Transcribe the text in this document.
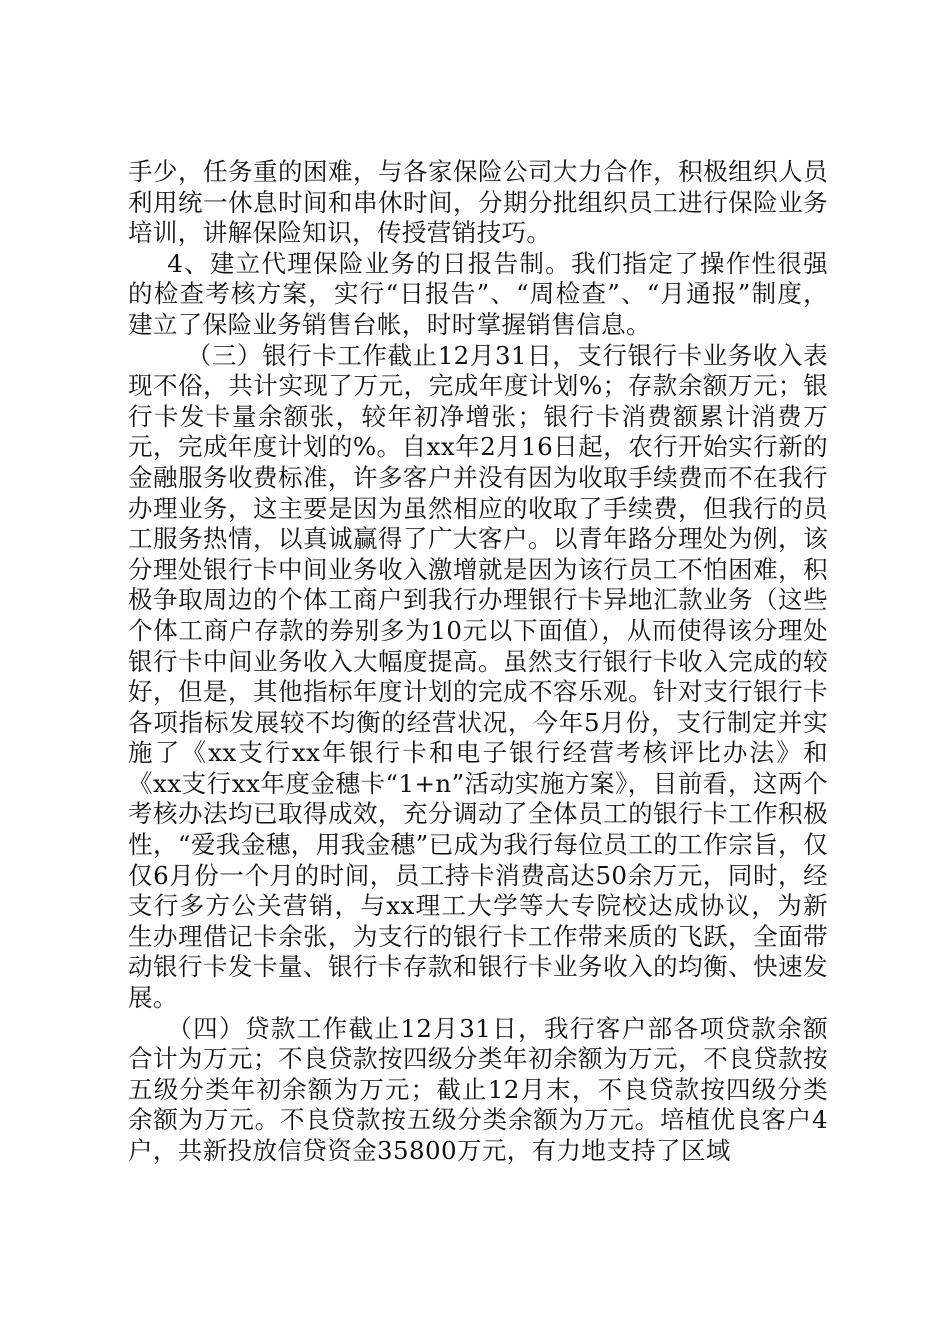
手少，任务重的困难，与各家保险公司大力合作，积极组织人员利用统一休息时间和串休时间，分期分批组织员工进行保险业务培训，讲解保险知识，传授营销技巧。

4、建立代理保险业务的日报告制。我们指定了操作性很强的检查考核方案，实行“日报告”、“周检查”、“月通报”制度，建立了保险业务销售台帐，时时掌握销售信息。

（三）银行卡工作截止12月31日，支行银行卡业务收入表现不俗，共计实现了万元，完成年度计划%；存款余额万元；银行卡发卡量余额张，较年初净增张；银行卡消费额累计消费万元，完成年度计划的%。自xx年2月16日起，农行开始实行新的金融服务收费标准，许多客户并没有因为收取手续费而不在我行办理业务，这主要是因为虽然相应的收取了手续费，但我行的员工服务热情，以真诚赢得了广大客户。以青年路分理处为例，该分理处银行卡中间业务收入激增就是因为该行员工不怕困难，积极争取周边的个体工商户到我行办理银行卡异地汇款业务（这些个体工商户存款的券别多为10元以下面值），从而使得该分理处银行卡中间业务收入大幅度提高。虽然支行银行卡收入完成的较好，但是，其他指标年度计划的完成不容乐观。针对支行银行卡各项指标发展较不均衡的经营状况，今年5月份，支行制定并实施了《xx支行xx年银行卡和电子银行经营考核评比办法》和《xx支行xx年度金穗卡“1+n”活动实施方案》，目前看，这两个考核办法均已取得成效，充分调动了全体员工的银行卡工作积极性，“爱我金穗，用我金穗”已成为我行每位员工的工作宗旨，仅仅6月份一个月的时间，员工持卡消费高达50余万元，同时，经支行多方公关营销，与xx理工大学等大专院校达成协议，为新生办理借记卡余张，为支行的银行卡工作带来质的飞跃，全面带动银行卡发卡量、银行卡存款和银行卡业务收入的均衡、快速发展。

（四）贷款工作截止12月31日，我行客户部各项贷款余额合计为万元；不良贷款按四级分类年初余额为万元，不良贷款按五级分类年初余额为万元；截止12月末，不良贷款按四级分类余额为万元。不良贷款按五级分类余额为万元。培植优良客户4户，共新投放信贷资金35800万元，有力地支持了区域
